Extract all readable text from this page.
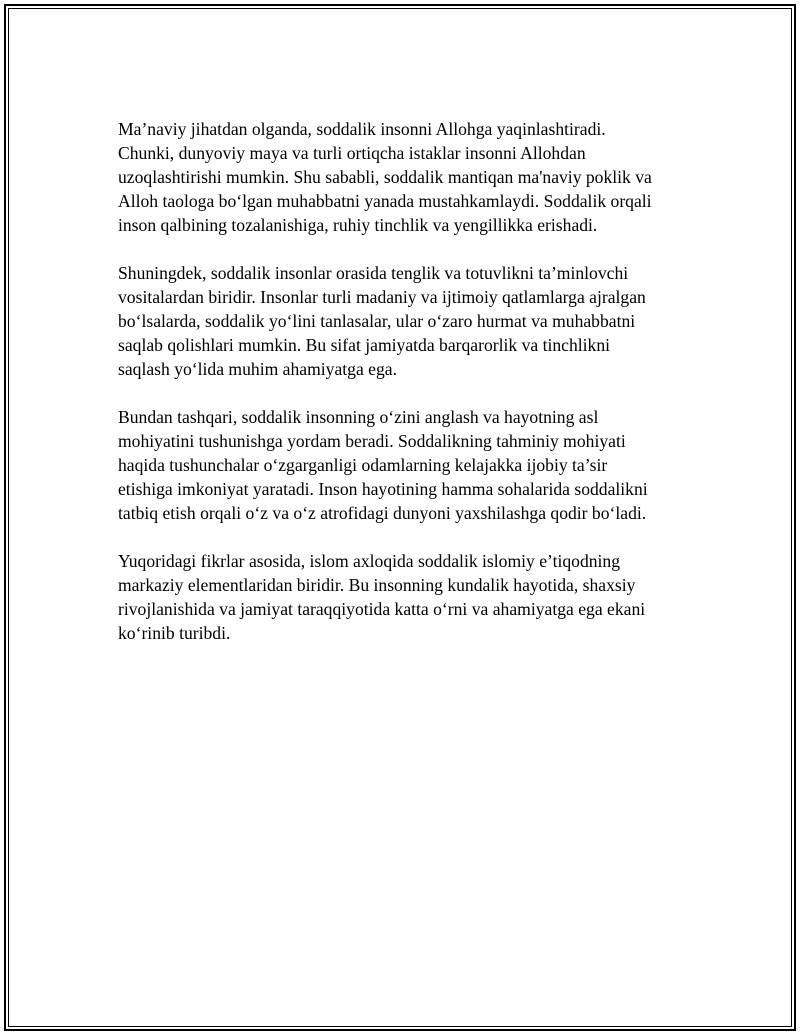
Ma’naviy jihatdan olganda, soddalik insonni Allohga yaqinlashtiradi.
Chunki, dunyoviy maya va turli ortiqcha istaklar insonni Allohdan
uzoqlashtirishi mumkin. Shu sababli, soddalik mantiqan ma'naviy poklik va
Alloh taologa bo‘lgan muhabbatni yanada mustahkamlaydi. Soddalik orqali
inson qalbining tozalanishiga, ruhiy tinchlik va yengillikka erishadi.
Shuningdek, soddalik insonlar orasida tenglik va totuvlikni ta’minlovchi
vositalardan biridir. Insonlar turli madaniy va ijtimoiy qatlamlarga ajralgan
bo‘lsalarda, soddalik yo‘lini tanlasalar, ular o‘zaro hurmat va muhabbatni
saqlab qolishlari mumkin. Bu sifat jamiyatda barqarorlik va tinchlikni
saqlash yo‘lida muhim ahamiyatga ega.
Bundan tashqari, soddalik insonning o‘zini anglash va hayotning asl
mohiyatini tushunishga yordam beradi. Soddalikning tahminiy mohiyati
haqida tushunchalar o‘zgarganligi odamlarning kelajakka ijobiy ta’sir
etishiga imkoniyat yaratadi. Inson hayotining hamma sohalarida soddalikni
tatbiq etish orqali o‘z va o‘z atrofidagi dunyoni yaxshilashga qodir bo‘ladi.
Yuqoridagi fikrlar asosida, islom axloqida soddalik islomiy e’tiqodning
markaziy elementlaridan biridir. Bu insonning kundalik hayotida, shaxsiy
rivojlanishida va jamiyat taraqqiyotida katta o‘rni va ahamiyatga ega ekani
ko‘rinib turibdi.
